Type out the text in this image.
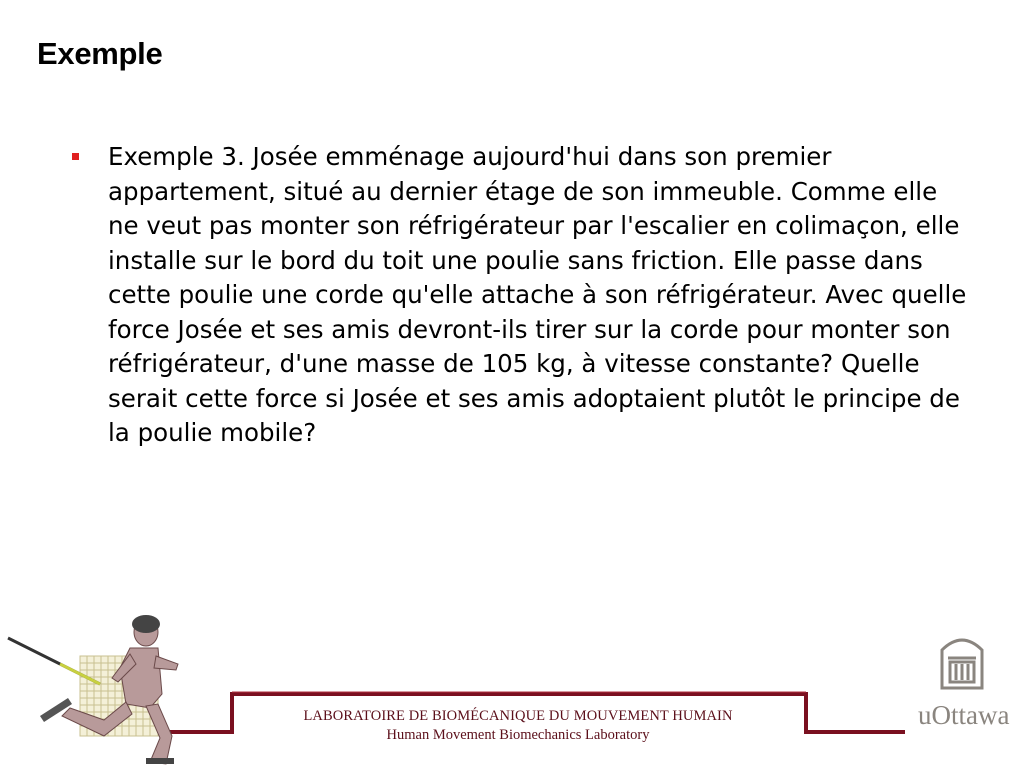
Exemple
Exemple 3. Josée emménage aujourd'hui dans son premier appartement, situé au dernier étage de son immeuble. Comme elle ne veut pas monter son réfrigérateur par l'escalier en colimaçon, elle installe sur le bord du toit une poulie sans friction. Elle passe dans cette poulie une corde qu'elle attache à son réfrigérateur. Avec quelle force Josée et ses amis devront-ils tirer sur la corde pour monter son réfrigérateur, d'une masse de 105 kg, à vitesse constante? Quelle serait cette force si Josée et ses amis adoptaient plutôt le principe de la poulie mobile?
LABORATOIRE DE BIOMÉCANIQUE DU MOUVEMENT HUMAIN
Human Movement Biomechanics Laboratory
uOttawa
